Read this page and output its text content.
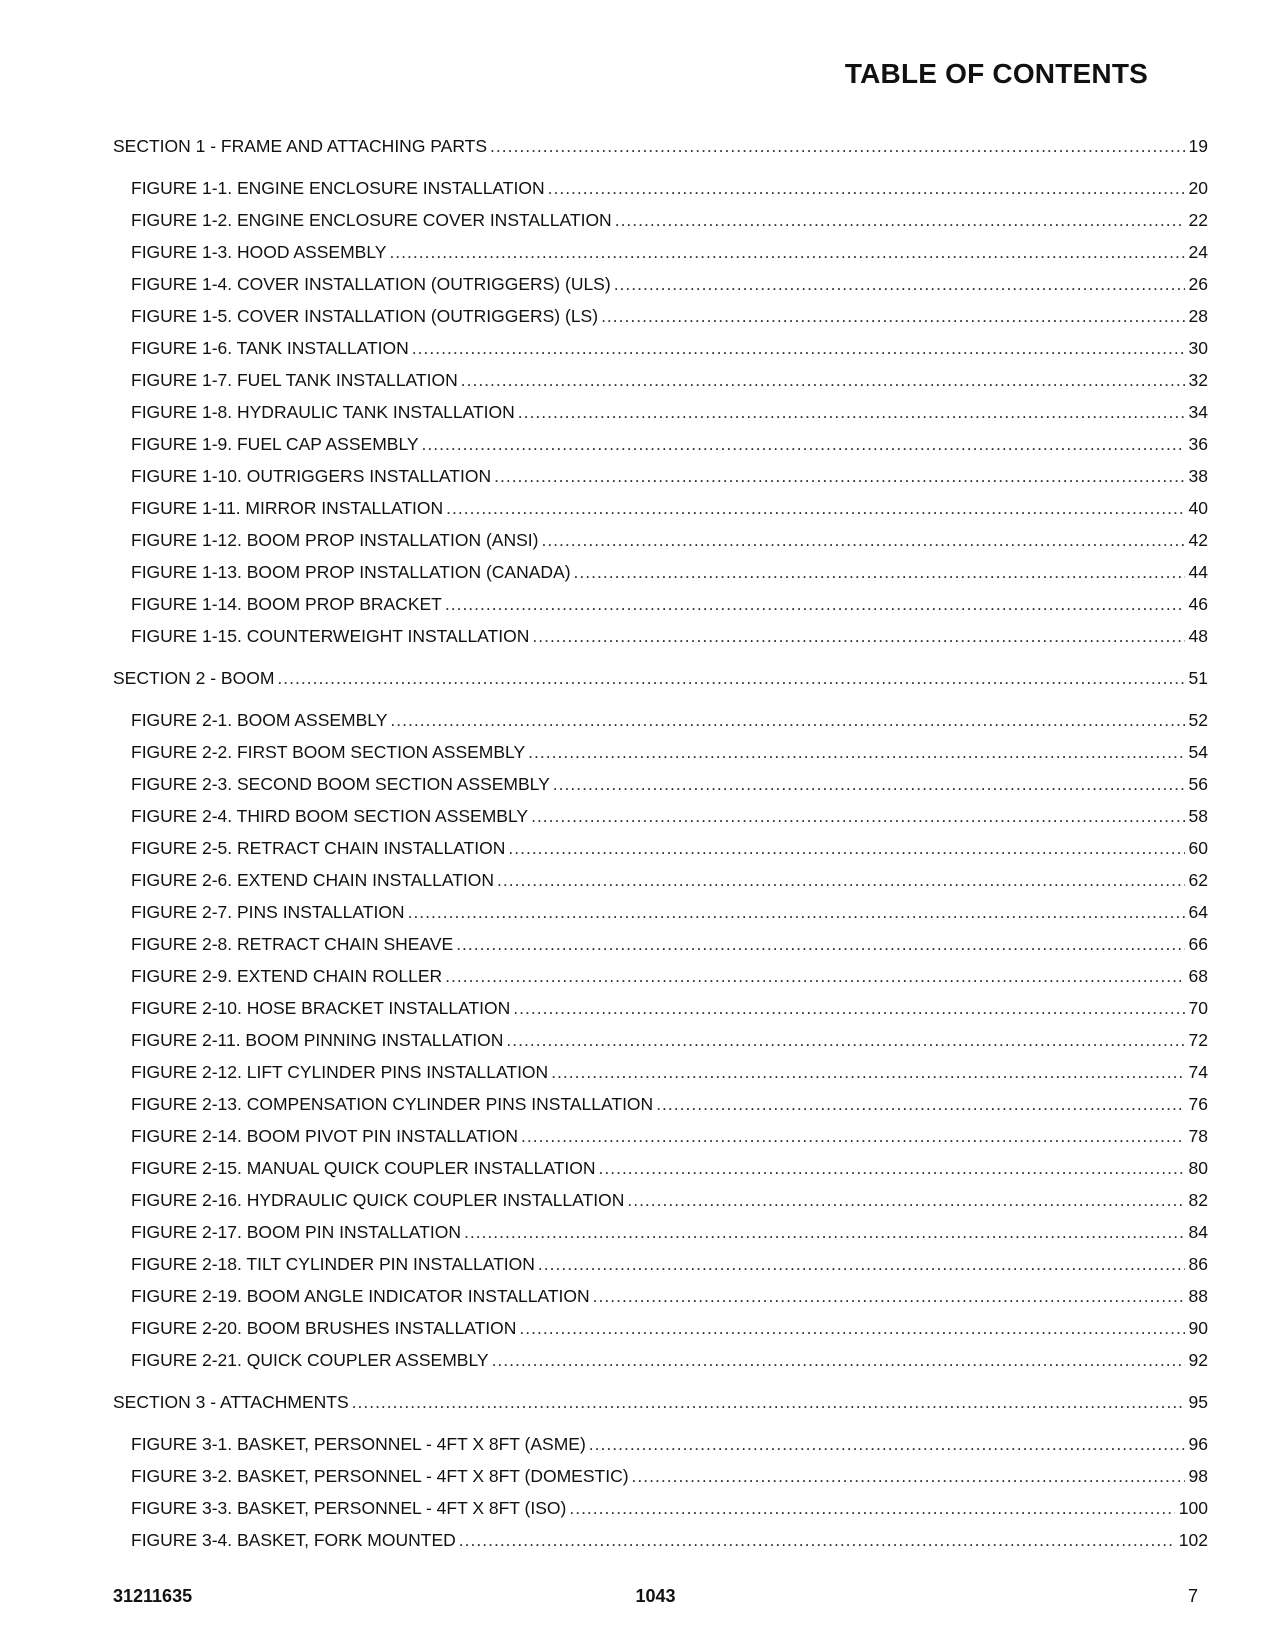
TABLE OF CONTENTS
SECTION 1 - FRAME AND ATTACHING PARTS .....	19
FIGURE 1-1. ENGINE ENCLOSURE INSTALLATION .....	20
FIGURE 1-2. ENGINE ENCLOSURE COVER INSTALLATION .....	22
FIGURE 1-3. HOOD ASSEMBLY .....	24
FIGURE 1-4. COVER INSTALLATION (OUTRIGGERS) (ULS) .....	26
FIGURE 1-5. COVER INSTALLATION (OUTRIGGERS) (LS) .....	28
FIGURE 1-6. TANK INSTALLATION .....	30
FIGURE 1-7. FUEL TANK INSTALLATION .....	32
FIGURE 1-8. HYDRAULIC TANK INSTALLATION .....	34
FIGURE 1-9. FUEL CAP ASSEMBLY .....	36
FIGURE 1-10. OUTRIGGERS INSTALLATION .....	38
FIGURE 1-11. MIRROR INSTALLATION .....	40
FIGURE 1-12. BOOM PROP INSTALLATION (ANSI) .....	42
FIGURE 1-13. BOOM PROP INSTALLATION (CANADA) .....	44
FIGURE 1-14. BOOM PROP BRACKET .....	46
FIGURE 1-15. COUNTERWEIGHT INSTALLATION .....	48
SECTION 2 - BOOM .....	51
FIGURE 2-1. BOOM ASSEMBLY .....	52
FIGURE 2-2. FIRST BOOM SECTION ASSEMBLY .....	54
FIGURE 2-3. SECOND BOOM SECTION ASSEMBLY .....	56
FIGURE 2-4. THIRD BOOM SECTION ASSEMBLY .....	58
FIGURE 2-5. RETRACT CHAIN INSTALLATION .....	60
FIGURE 2-6. EXTEND CHAIN INSTALLATION .....	62
FIGURE 2-7. PINS INSTALLATION .....	64
FIGURE 2-8. RETRACT CHAIN SHEAVE .....	66
FIGURE 2-9. EXTEND CHAIN ROLLER .....	68
FIGURE 2-10. HOSE BRACKET INSTALLATION .....	70
FIGURE 2-11. BOOM PINNING INSTALLATION .....	72
FIGURE 2-12. LIFT CYLINDER PINS INSTALLATION .....	74
FIGURE 2-13. COMPENSATION CYLINDER PINS INSTALLATION .....	76
FIGURE 2-14. BOOM PIVOT PIN INSTALLATION .....	78
FIGURE 2-15. MANUAL QUICK COUPLER INSTALLATION .....	80
FIGURE 2-16. HYDRAULIC QUICK COUPLER INSTALLATION .....	82
FIGURE 2-17. BOOM PIN INSTALLATION .....	84
FIGURE 2-18. TILT CYLINDER PIN INSTALLATION .....	86
FIGURE 2-19. BOOM ANGLE INDICATOR INSTALLATION .....	88
FIGURE 2-20. BOOM BRUSHES INSTALLATION .....	90
FIGURE 2-21. QUICK COUPLER ASSEMBLY .....	92
SECTION 3 - ATTACHMENTS .....	95
FIGURE 3-1. BASKET, PERSONNEL - 4FT X 8FT (ASME) .....	96
FIGURE 3-2. BASKET, PERSONNEL - 4FT X 8FT (DOMESTIC) .....	98
FIGURE 3-3. BASKET, PERSONNEL - 4FT X 8FT (ISO) .....	100
FIGURE 3-4. BASKET, FORK MOUNTED .....	102
31211635	1043	7
